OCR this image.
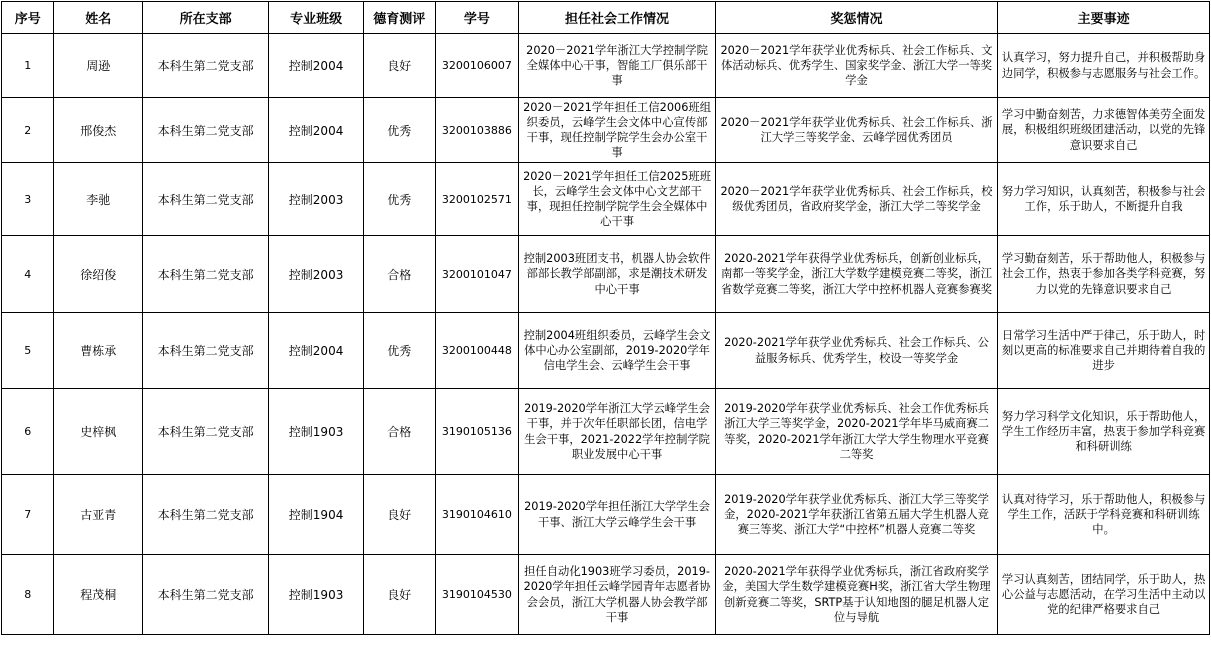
序号	姓名	所在支部	专业班级	德育测评	学号	担任社会工作情况	奖惩情况	主要事迹
1	周逊	本科生第二党支部	控制2004	良好	3200106007	2020－2021学年浙江大学控制学院全媒体中心干事，智能工厂俱乐部干事	2020－2021学年获学业优秀标兵、社会工作标兵、文体活动标兵、优秀学生、国家奖学金、浙江大学一等奖学金	认真学习，努力提升自己，并积极帮助身边同学，积极参与志愿服务与社会工作。
2	邢俊杰	本科生第二党支部	控制2004	优秀	3200103886	2020－2021学年担任工信2006班组织委员，云峰学生会文体中心宣传部干事，现任控制学院学生会办公室干事	2020－2021学年获学业优秀标兵、社会工作标兵、浙江大学三等奖学金、云峰学园优秀团员	学习中勤奋刻苦，力求德智体美劳全面发展，积极组织班级团建活动，以党的先锋意识要求自己
3	李驰	本科生第二党支部	控制2003	优秀	3200102571	2020－2021学年担任工信2025班班长，云峰学生会文体中心文艺部干事，现担任控制学院学生会全媒体中心干事	2020－2021学年获学业优秀标兵、社会工作标兵，校级优秀团员，省政府奖学金，浙江大学二等奖学金	努力学习知识，认真刻苦，积极参与社会工作，乐于助人，不断提升自我
4	徐绍俊	本科生第二党支部	控制2003	合格	3200101047	控制2003班团支书，机器人协会软件部部长教学部副部，求是潮技术研发中心干事	2020-2021学年获得学业优秀标兵，创新创业标兵，南都一等奖学金，浙江大学数学建模竞赛二等奖，浙江省数学竞赛二等奖，浙江大学中控杯机器人竞赛参赛奖	学习勤奋刻苦，乐于帮助他人，积极参与社会工作，热衷于参加各类学科竞赛，努力以党的先锋意识要求自己
5	曹栋承	本科生第二党支部	控制2004	优秀	3200100448	控制2004班组织委员，云峰学生会文体中心办公室副部，2019-2020学年信电学生会、云峰学生会干事	2020-2021学年获学业优秀标兵、社会工作标兵、公益服务标兵、优秀学生，校设一等奖学金	日常学习生活中严于律己，乐于助人，时刻以更高的标准要求自己并期待着自我的进步
6	史梓枫	本科生第二党支部	控制1903	合格	3190105136	2019-2020学年浙江大学云峰学生会干事，并于次年任职部长团，信电学生会干事，2021-2022学年控制学院职业发展中心干事	2019-2020学年获学业优秀标兵、社会工作优秀标兵浙江大学三等奖学金，2020-2021学年毕马威商赛二等奖，2020-2021学年浙江大学大学生物理水平竞赛二等奖	努力学习科学文化知识，乐于帮助他人，学生工作经历丰富，热衷于参加学科竞赛和科研训练
7	古亚青	本科生第二党支部	控制1904	良好	3190104610	2019-2020学年担任浙江大学学生会干事、浙江大学云峰学生会干事	2019-2020学年获学业优秀标兵、浙江大学三等奖学金，2020-2021学年获浙江省第五届大学生机器人竞赛三等奖、浙江大学“中控杯”机器人竞赛二等奖	认真对待学习，乐于帮助他人，积极参与学生工作，活跃于学科竞赛和科研训练中。
8	程茂桐	本科生第二党支部	控制1903	良好	3190104530	担任自动化1903班学习委员，2019-2020学年担任云峰学园青年志愿者协会会员，浙江大学机器人协会教学部干事	2020-2021学年获得学业优秀标兵，浙江省政府奖学金，美国大学生数学建模竞赛H奖，浙江省大学生物理创新竞赛二等奖，SRTP基于认知地图的腿足机器人定位与导航	学习认真刻苦，团结同学，乐于助人，热心公益与志愿活动，在学习生活中主动以党的纪律严格要求自己
